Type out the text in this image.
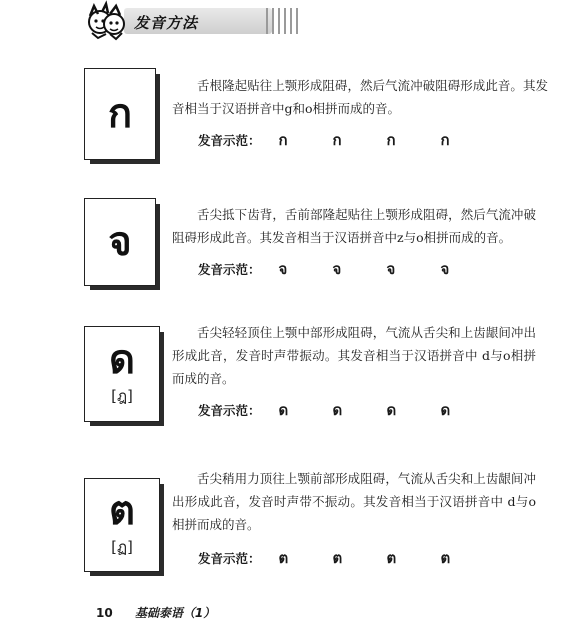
发音方法
ก
舌根隆起贴往上颚形成阻碍，然后气流冲破阻碍形成此音。其发音相当于汉语拼音中g和o相拼而成的音。
发音示范： ก	ก	ก	ก
จ
舌尖抵下齿背，舌前部隆起贴往上颚形成阻碍，然后气流冲破阻碍形成此音。其发音相当于汉语拼音中z与o相拼而成的音。
发音示范： จ	จ	จ	จ
ด
[ฎ]
舌尖轻轻顶住上颚中部形成阻碍，气流从舌尖和上齿龈间冲出形成此音，发音时声带振动。其发音相当于汉语拼音中 d与o相拼而成的音。
发音示范： ด	ด	ด	ด
ต
[ฏ]
舌尖稍用力顶往上颚前部形成阻碍，气流从舌尖和上齿龈间冲出形成此音，发音时声带不振动。其发音相当于汉语拼音中 d与o相拼而成的音。
发音示范： ต	ต	ต	ต
10 基础泰语（1）
